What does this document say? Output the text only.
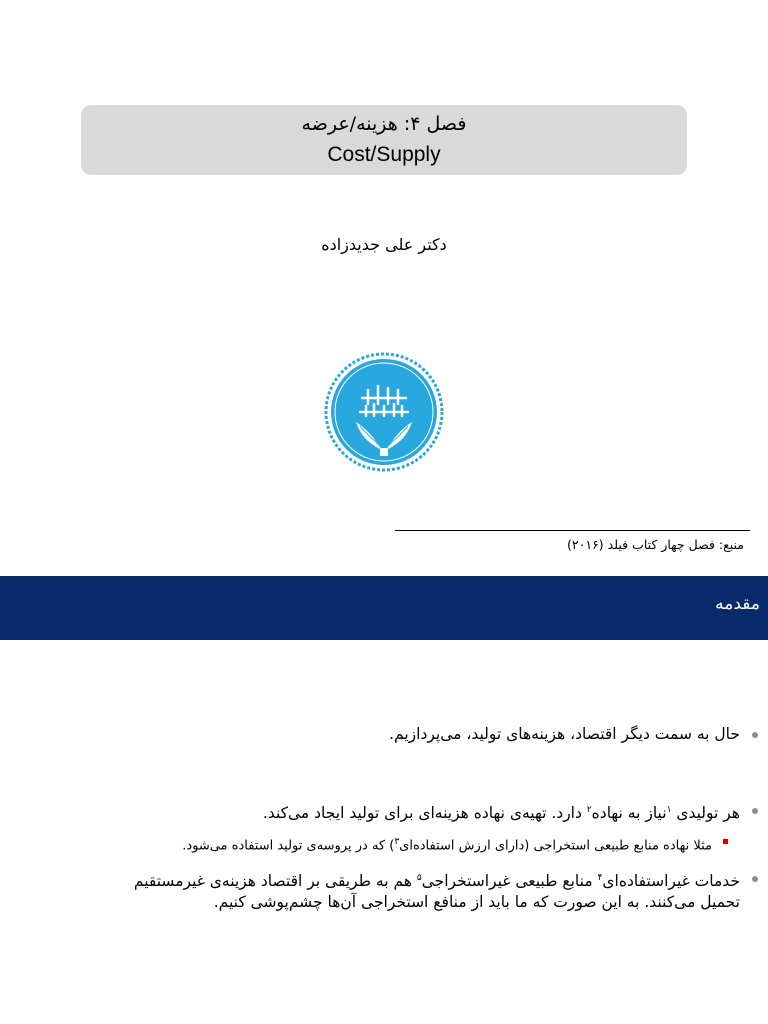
فصل ۴: هزینه/عرضه
Cost/Supply
دکتر علی جدیدزاده
منبع: فصل چهار کتاب فیلد (۲۰۱۶)
مقدمه
حال به سمت دیگر اقتصاد، هزینه‌های تولید، می‌پردازیم.
هر تولیدی $^۱$نیاز به نهاده$^۲$ دارد. تهیه‌ی نهاده هزینه‌ای برای تولید ایجاد می‌کند.
مثلا نهاده منابع طبیعی استخراجی (دارای ارزش استفاده‌ای$^۳$) که در پروسه‌ی تولید استفاده می‌شود.
خدمات غیراستفاده‌ای$^۴$ منابع طبیعی غیراستخراجی$^۵$ هم به طریقی بر اقتصاد هزینه‌ی غیرمستقیم
تحمیل می‌کنند. به این صورت که ما باید از منافع استخراجی آن‌ها چشم‌پوشی کنیم.
